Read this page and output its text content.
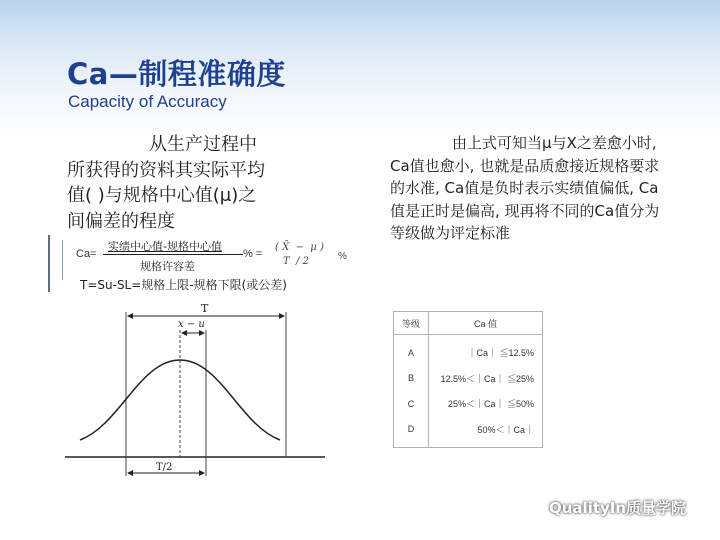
Ca—制程准确度
Capacity of Accuracy

从生产过程中所获得的资料其实际平均值( )与规格中心值(μ)之间偏差的程度

由上式可知当μ与X之差愈小时, Ca值也愈小, 也就是品质愈接近规格要求的水准, Ca值是负时表示实绩值偏低, Ca值是正时是偏高, 现再将不同的Ca值分为等级做为评定标准

Ca=
实绩中心值-规格中心值
规格许容差
% =
( X̄  −  μ )
T  / 2	%
T=Su-SL=规格上限-规格下限(或公差)
T
x − u
T/2
等级	Ca 值
A	｜Ca｜ ≦12.5%
B	12.5%＜｜Ca｜ ≦25%
C	25%＜｜Ca｜ ≦50%
D	50%＜｜Ca｜
QualityIn质量学院
